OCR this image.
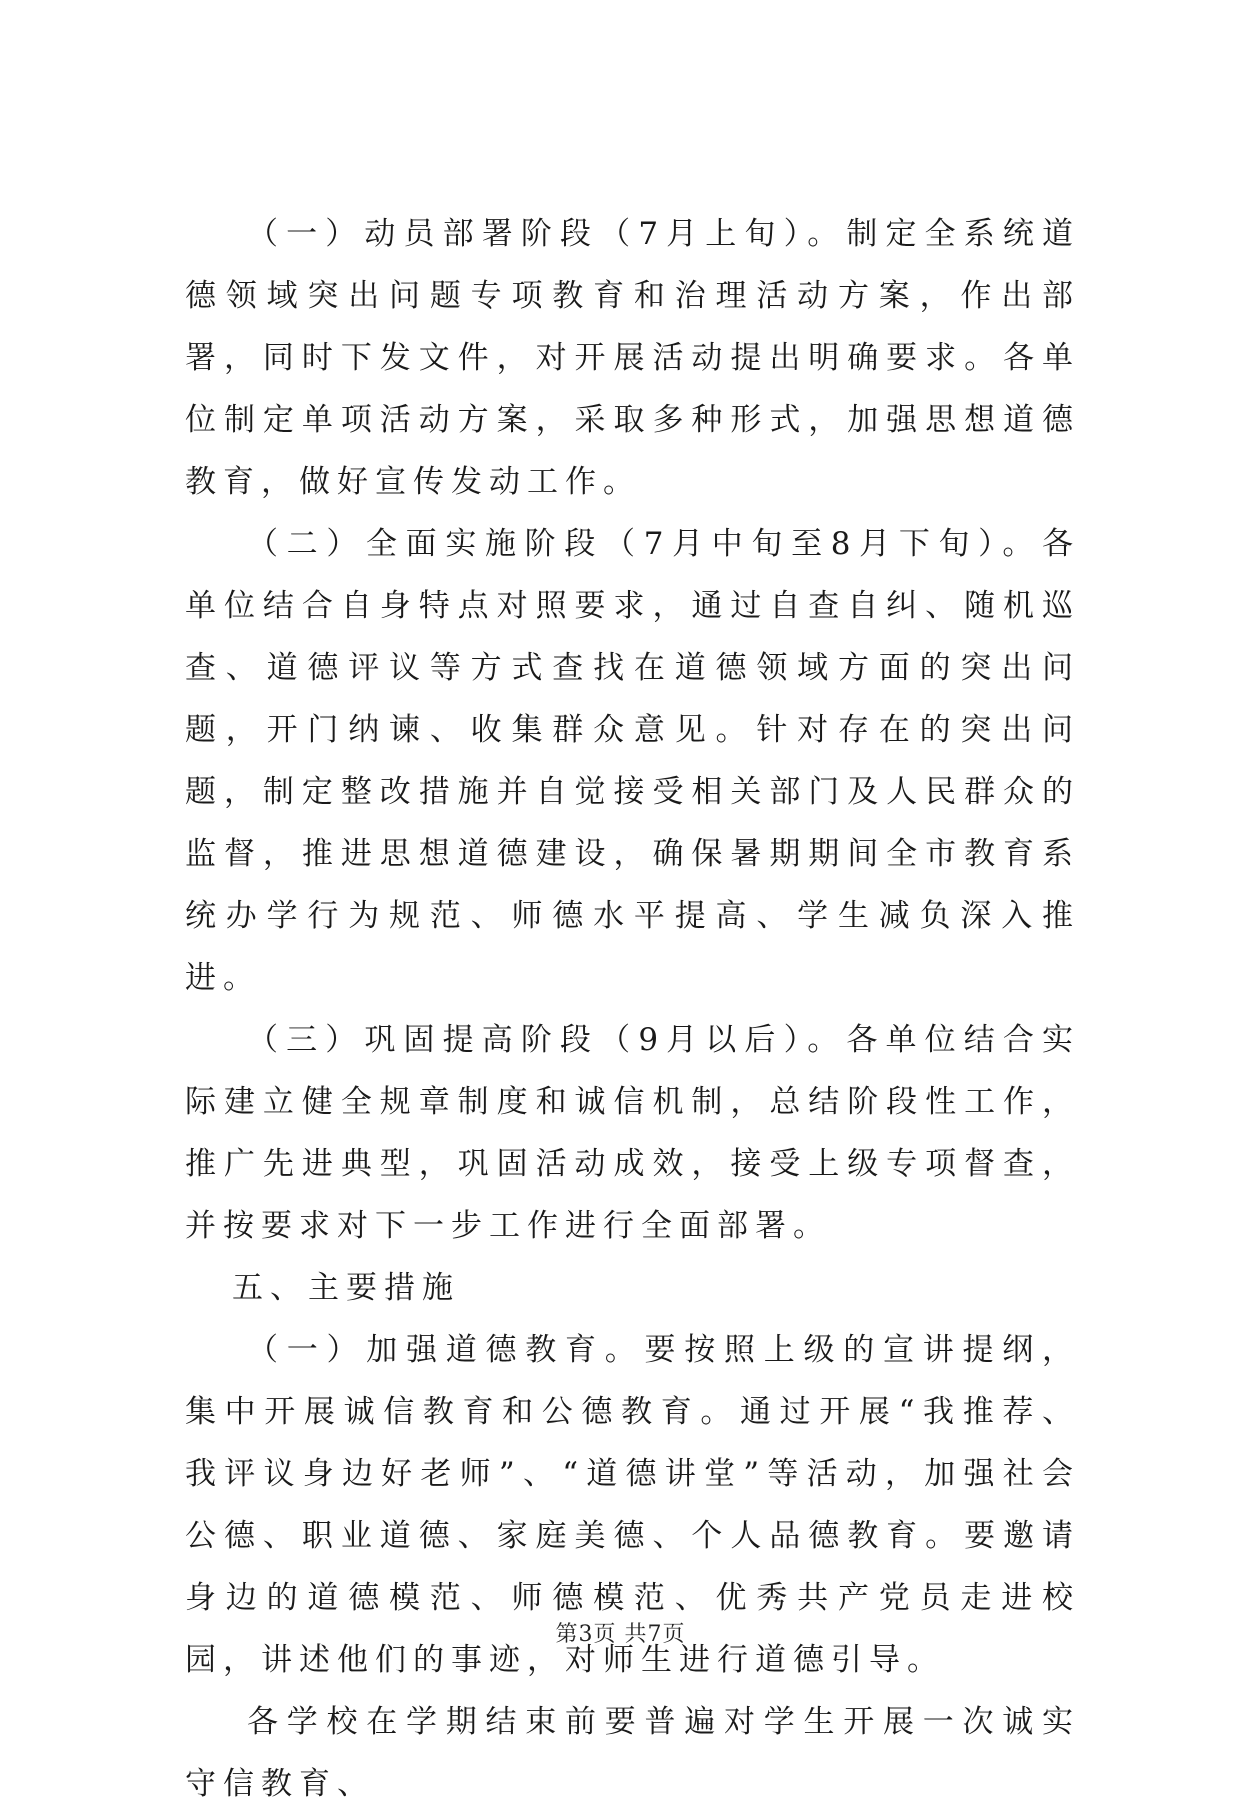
（一）动员部署阶段（7月上旬）。制定全系统道德领域突出问题专项教育和治理活动方案，作出部署，同时下发文件，对开展活动提出明确要求。各单位制定单项活动方案，采取多种形式，加强思想道德教育，做好宣传发动工作。

（二）全面实施阶段（7月中旬至8月下旬）。各单位结合自身特点对照要求，通过自查自纠、随机巡查、道德评议等方式查找在道德领域方面的突出问题，开门纳谏、收集群众意见。针对存在的突出问题，制定整改措施并自觉接受相关部门及人民群众的监督，推进思想道德建设，确保暑期期间全市教育系统办学行为规范、师德水平提高、学生减负深入推进。

（三）巩固提高阶段（9月以后）。各单位结合实际建立健全规章制度和诚信机制，总结阶段性工作，推广先进典型，巩固活动成效，接受上级专项督查，并按要求对下一步工作进行全面部署。

五、主要措施

（一）加强道德教育。要按照上级的宣讲提纲，集中开展诚信教育和公德教育。通过开展“我推荐、我评议身边好老师”、“道德讲堂”等活动，加强社会公德、职业道德、家庭美德、个人品德教育。要邀请身边的道德模范、师德模范、优秀共产党员走进校园，讲述他们的事迹，对师生进行道德引导。

各学校在学期结束前要普遍对学生开展一次诚实守信教育、

第3页 共7页
